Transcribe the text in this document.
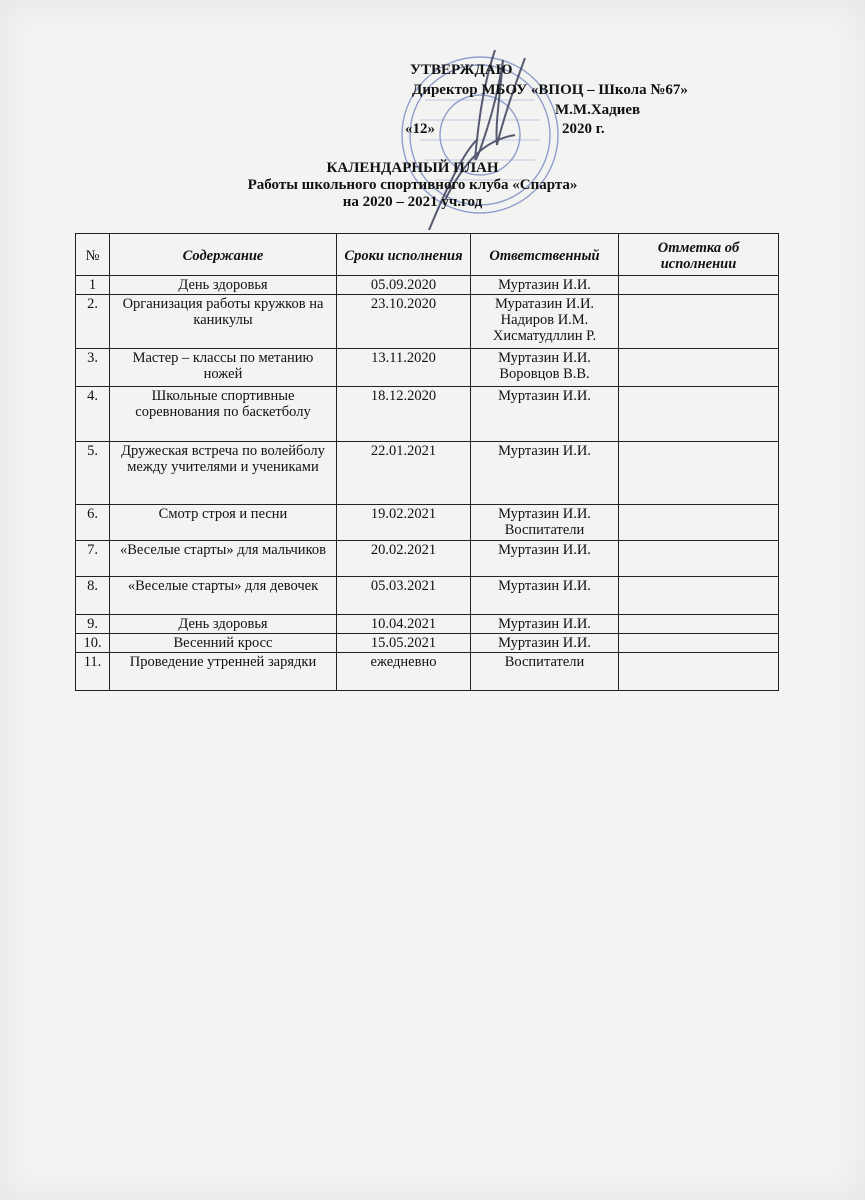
УТВЕРЖДАЮ
Директор МБОУ «ВПОЦ – Школа №67»
М.М.Хадиев
«12»	2020 г.
КАЛЕНДАРНЫЙ ПЛАН
Работы школьного спортивного клуба «Спарта»
на 2020 – 2021 уч.год
№	Содержание	Сроки исполнения	Ответственный	Отметка об исполнении
1	День здоровья	05.09.2020	Муртазин И.И.	
2.	Организация работы кружков на каникулы	23.10.2020	Муратазин И.И. Надиров И.М. Хисматудллин Р.	
3.	Мастер – классы по метанию ножей	13.11.2020	Муртазин И.И. Воровцов В.В.	
4.	Школьные спортивные соревнования по баскетболу	18.12.2020	Муртазин И.И.	
5.	Дружеская встреча по волейболу между учителями и учениками	22.01.2021	Муртазин И.И.	
6.	Смотр строя и песни	19.02.2021	Муртазин И.И. Воспитатели	
7.	«Веселые старты» для мальчиков	20.02.2021	Муртазин И.И.	
8.	«Веселые старты» для девочек	05.03.2021	Муртазин И.И.	
9.	День здоровья	10.04.2021	Муртазин И.И.	
10.	Весенний кросс	15.05.2021	Муртазин И.И.	
11.	Проведение утренней зарядки	ежедневно	Воспитатели	
